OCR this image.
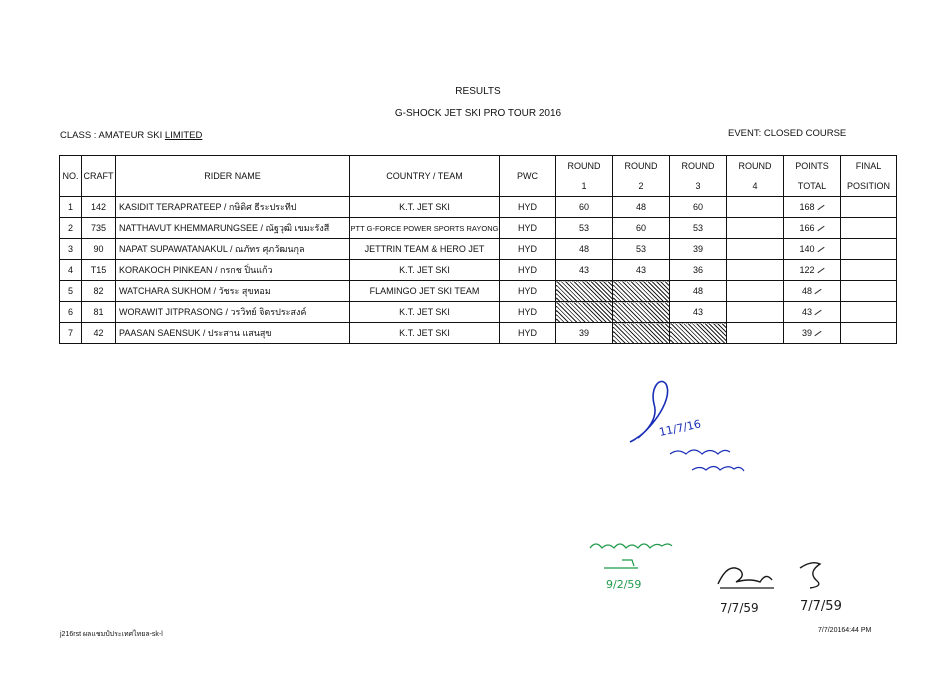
RESULTS
G-SHOCK JET SKI PRO TOUR 2016
CLASS : AMATEUR SKI LIMITED	EVENT: CLOSED COURSE
NO.	CRAFT	RIDER NAME	COUNTRY / TEAM	PWC	ROUND	ROUND	ROUND	ROUND	POINTS	FINAL
					1	2	3	4	TOTAL	POSITION
1	142	KASIDIT TERAPRATEEP / กษิดิศ ธีระประทีป	K.T. JET SKI	HYD	60	48	60		168	
2	735	NATTHAVUT KHEMMARUNGSEE / ณัฐวุฒิ เขมะรังสี	PTT G-FORCE POWER SPORTS RAYONG	HYD	53	60	53		166	
3	90	NAPAT SUPAWATANAKUL / ณภัทร ศุภวัฒนกุล	JETTRIN TEAM & HERO JET	HYD	48	53	39		140	
4	T15	KORAKOCH PINKEAN / กรกช ปิ่นแก้ว	K.T. JET SKI	HYD	43	43	36		122	
5	82	WATCHARA SUKHOM / วัชระ สุขหอม	FLAMINGO JET SKI TEAM	HYD			48		48	
6	81	WORAWIT JITPRASONG / วรวิทย์ จิตรประสงค์	K.T. JET SKI	HYD			43		43	
7	42	PAASAN SAENSUK / ประสาน แสนสุข	K.T. JET SKI	HYD	39				39	
11/7/16
9/2/59
7/7/59	7/7/59
j216rst ผลแชมป์ประเทศไทยล-sk-l
7/7/20164:44 PM
